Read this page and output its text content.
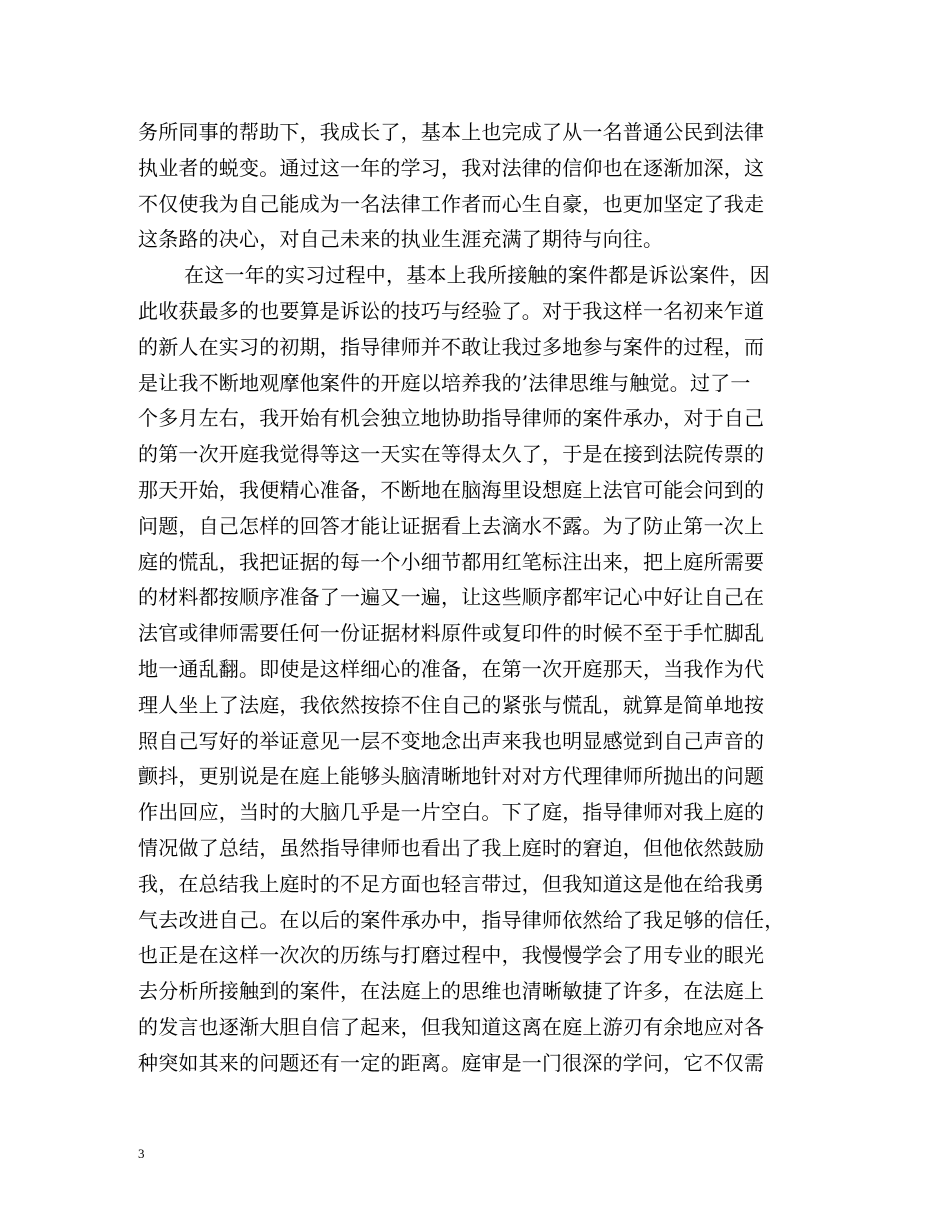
务所同事的帮助下，我成长了，基本上也完成了从一名普通公民到法律
执业者的蜕变。通过这一年的学习，我对法律的信仰也在逐渐加深，这
不仅使我为自己能成为一名法律工作者而心生自豪，也更加坚定了我走
这条路的决心，对自己未来的执业生涯充满了期待与向往。
在这一年的实习过程中，基本上我所接触的案件都是诉讼案件，因
此收获最多的也要算是诉讼的技巧与经验了。对于我这样一名初来乍道
的新人在实习的初期，指导律师并不敢让我过多地参与案件的过程，而
是让我不断地观摩他案件的开庭以培养我的’法律思维与触觉。过了一
个多月左右，我开始有机会独立地协助指导律师的案件承办，对于自己
的第一次开庭我觉得等这一天实在等得太久了，于是在接到法院传票的
那天开始，我便精心准备，不断地在脑海里设想庭上法官可能会问到的
问题，自己怎样的回答才能让证据看上去滴水不露。为了防止第一次上
庭的慌乱，我把证据的每一个小细节都用红笔标注出来，把上庭所需要
的材料都按顺序准备了一遍又一遍，让这些顺序都牢记心中好让自己在
法官或律师需要任何一份证据材料原件或复印件的时候不至于手忙脚乱
地一通乱翻。即使是这样细心的准备，在第一次开庭那天，当我作为代
理人坐上了法庭，我依然按捺不住自己的紧张与慌乱，就算是简单地按
照自己写好的举证意见一层不变地念出声来我也明显感觉到自己声音的
颤抖，更别说是在庭上能够头脑清晰地针对对方代理律师所抛出的问题
作出回应，当时的大脑几乎是一片空白。下了庭，指导律师对我上庭的
情况做了总结，虽然指导律师也看出了我上庭时的窘迫，但他依然鼓励
我，在总结我上庭时的不足方面也轻言带过，但我知道这是他在给我勇
气去改进自己。在以后的案件承办中，指导律师依然给了我足够的信任，
也正是在这样一次次的历练与打磨过程中，我慢慢学会了用专业的眼光
去分析所接触到的案件，在法庭上的思维也清晰敏捷了许多，在法庭上
的发言也逐渐大胆自信了起来，但我知道这离在庭上游刃有余地应对各
种突如其来的问题还有一定的距离。庭审是一门很深的学问，它不仅需
3
